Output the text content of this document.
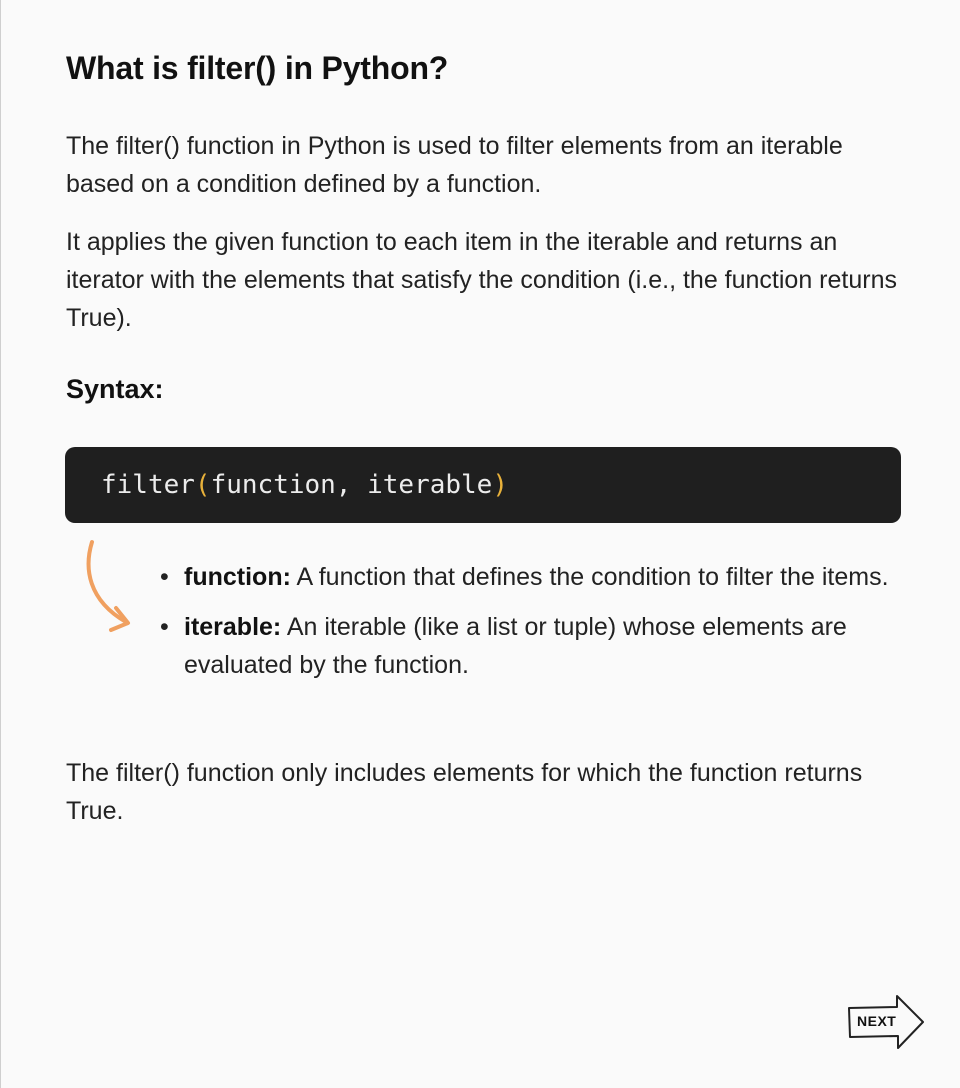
What is filter() in Python?

The filter() function in Python is used to filter elements from an iterable based on a condition defined by a function.

It applies the given function to each item in the iterable and returns an iterator with the elements that satisfy the condition (i.e., the function returns True).

Syntax:
filter ( function, iterable )
• function: A function that defines the condition to filter the items.
• iterable: An iterable (like a list or tuple) whose elements are evaluated by the function.

The filter() function only includes elements for which the function returns True.

NEXT
